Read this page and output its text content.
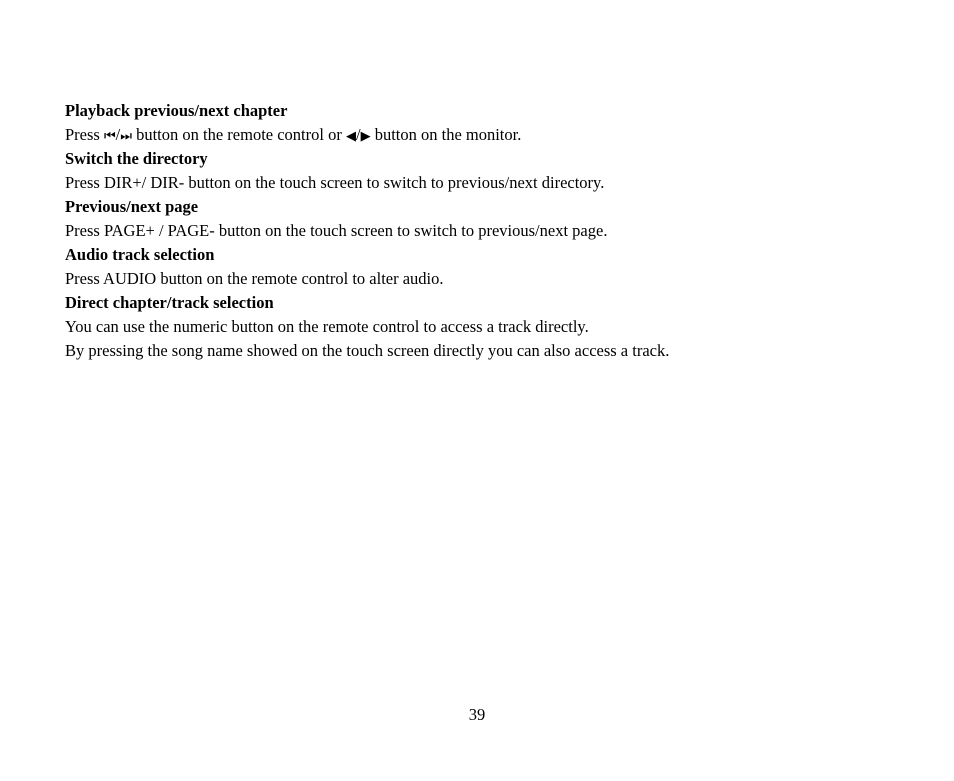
Playback previous/next chapter
Press ⏮/⏭ button on the remote control or ◀/▶ button on the monitor.
Switch the directory
Press DIR+/ DIR- button on the touch screen to switch to previous/next directory.
Previous/next page
Press PAGE+ / PAGE- button on the touch screen to switch to previous/next page.
Audio track selection
Press AUDIO button on the remote control to alter audio.
Direct chapter/track selection
You can use the numeric button on the remote control to access a track directly.
By pressing the song name showed on the touch screen directly you can also access a track.
39
